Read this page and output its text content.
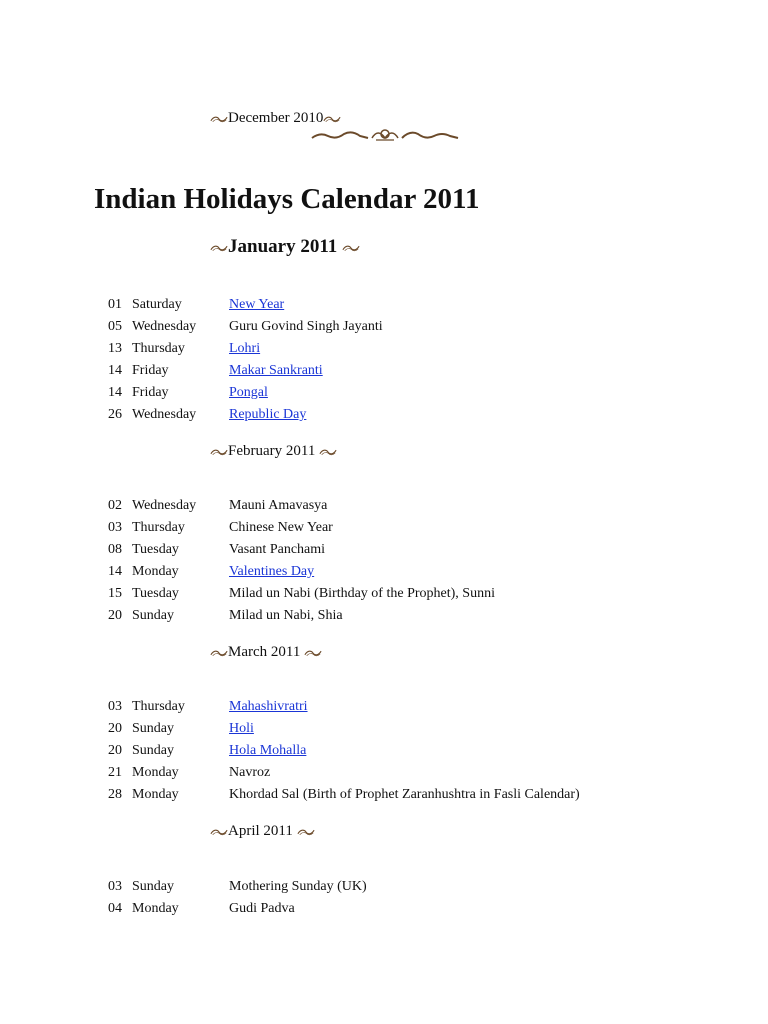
December 2010
Indian Holidays Calendar 2011
January 2011
01 Saturday	New Year
05 Wednesday Guru Govind Singh Jayanti
13 Thursday	Lohri
14 Friday	Makar Sankranti
14 Friday	Pongal
26 Wednesday Republic Day
February 2011
02 Wednesday Mauni Amavasya
03 Thursday	Chinese New Year
08 Tuesday	Vasant Panchami
14 Monday	Valentines Day
15 Tuesday	Milad un Nabi (Birthday of the Prophet), Sunni
20 Sunday	Milad un Nabi, Shia
March 2011
03 Thursday	Mahashivratri
20 Sunday	Holi
20 Sunday	Hola Mohalla
21 Monday	Navroz
28 Monday	Khordad Sal (Birth of Prophet Zaranhushtra in Fasli Calendar)
April 2011
03 Sunday	Mothering Sunday (UK)
04 Monday	Gudi Padva
